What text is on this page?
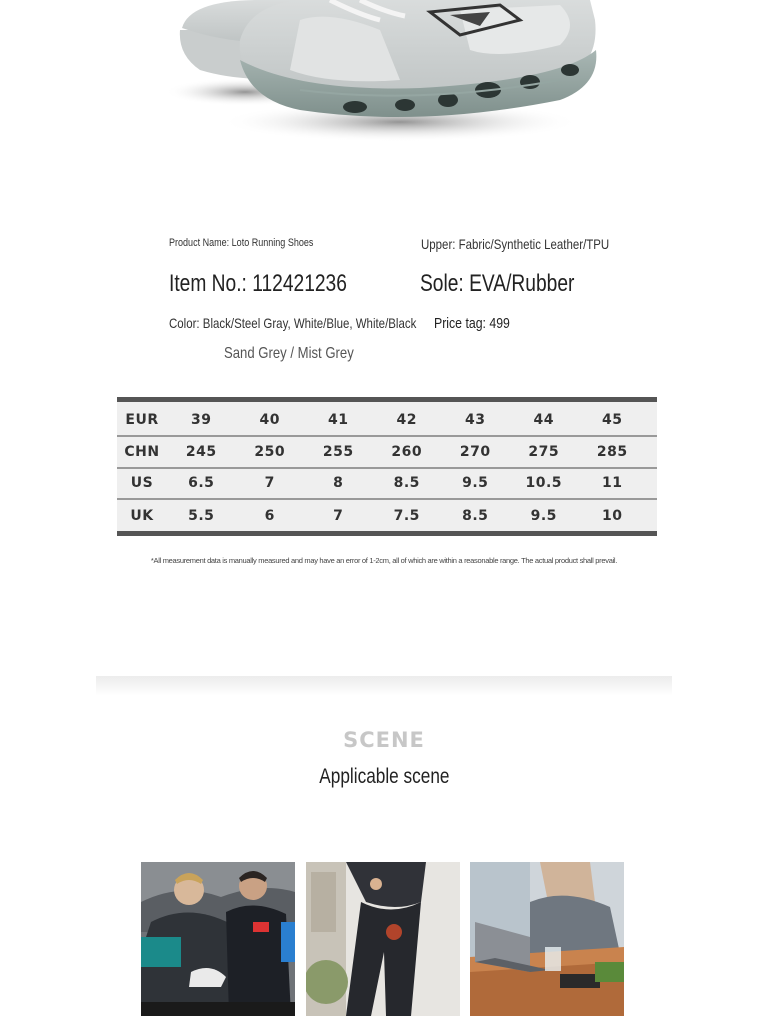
Product Name: Loto Running Shoes	Upper: Fabric/Synthetic Leather/TPU
Item No.: 112421236	Sole: EVA/Rubber
Color: Black/Steel Gray, White/Blue, White/Black Price tag: 499
Sand Grey / Mist Grey
EUR	39	40	41	42	43	44	45
CHN	245	250	255	260	270	275	285
US	6.5	7	8	8.5	9.5	10.5	11
UK	5.5	6	7	7.5	8.5	9.5	10
*All measurement data is manually measured and may have an error of 1-2cm, all of which are within a reasonable range. The actual product shall prevail.
SCENE
Applicable scene
